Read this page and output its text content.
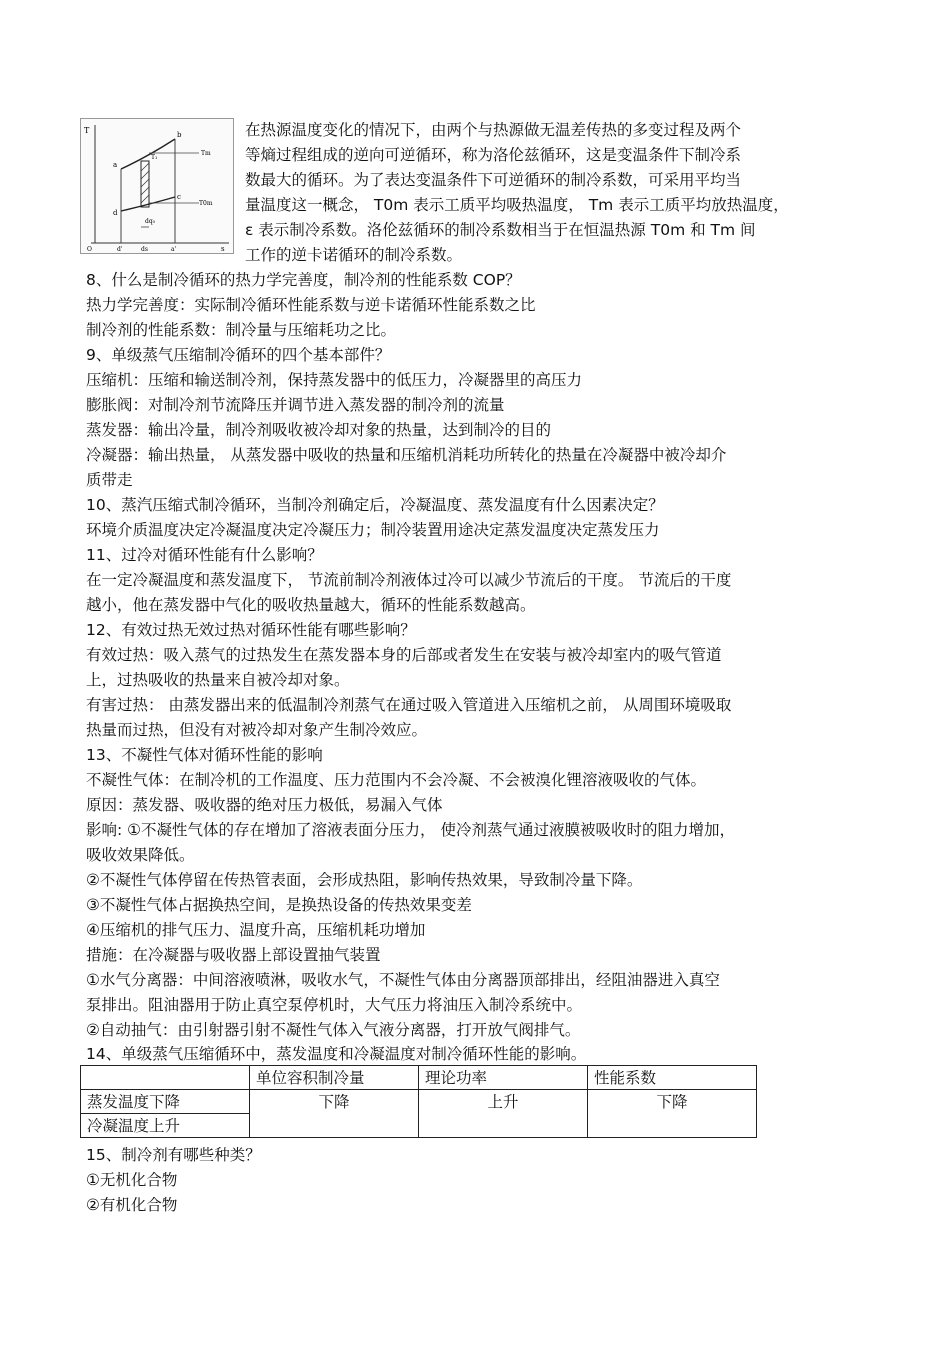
T
a
b
c
d
T₁
Tm
T0m
dq₀
d'	ds	a'
O	s
在热源温度变化的情况下，由两个与热源做无温差传热的多变过程及两个
等熵过程组成的逆向可逆循环，称为洛伦兹循环，这是变温条件下制冷系
数最大的循环。为了表达变温条件下可逆循环的制冷系数，可采用平均当
量温度这一概念， T0m 表示工质平均吸热温度， Tm 表示工质平均放热温度，
ε 表示制冷系数。洛伦兹循环的制冷系数相当于在恒温热源 T0m 和 Tm 间
工作的逆卡诺循环的制冷系数。
8、什么是制冷循环的热力学完善度，制冷剂的性能系数 COP？
热力学完善度：实际制冷循环性能系数与逆卡诺循环性能系数之比
制冷剂的性能系数：制冷量与压缩耗功之比。
9、单级蒸气压缩制冷循环的四个基本部件？
压缩机：压缩和输送制冷剂，保持蒸发器中的低压力，冷凝器里的高压力
膨胀阀：对制冷剂节流降压并调节进入蒸发器的制冷剂的流量
蒸发器：输出冷量，制冷剂吸收被冷却对象的热量，达到制冷的目的
冷凝器：输出热量， 从蒸发器中吸收的热量和压缩机消耗功所转化的热量在冷凝器中被冷却介
质带走
10、蒸汽压缩式制冷循环，当制冷剂确定后，冷凝温度、蒸发温度有什么因素决定？
环境介质温度决定冷凝温度决定冷凝压力；制冷装置用途决定蒸发温度决定蒸发压力
11、过冷对循环性能有什么影响？
在一定冷凝温度和蒸发温度下， 节流前制冷剂液体过冷可以减少节流后的干度。 节流后的干度
越小，他在蒸发器中气化的吸收热量越大，循环的性能系数越高。
12、有效过热无效过热对循环性能有哪些影响？
有效过热：吸入蒸气的过热发生在蒸发器本身的后部或者发生在安装与被冷却室内的吸气管道
上，过热吸收的热量来自被冷却对象。
有害过热： 由蒸发器出来的低温制冷剂蒸气在通过吸入管道进入压缩机之前， 从周围环境吸取
热量而过热，但没有对被冷却对象产生制冷效应。
13、不凝性气体对循环性能的影响
不凝性气体：在制冷机的工作温度、压力范围内不会冷凝、不会被溴化锂溶液吸收的气体。
原因：蒸发器、吸收器的绝对压力极低，易漏入气体
影响: ①不凝性气体的存在增加了溶液表面分压力， 使冷剂蒸气通过液膜被吸收时的阻力增加，
吸收效果降低。
②不凝性气体停留在传热管表面，会形成热阻，影响传热效果，导致制冷量下降。
③不凝性气体占据换热空间，是换热设备的传热效果变差
④压缩机的排气压力、温度升高，压缩机耗功增加
措施：在冷凝器与吸收器上部设置抽气装置
①水气分离器：中间溶液喷淋，吸收水气，不凝性气体由分离器顶部排出，经阻油器进入真空
泵排出。阻油器用于防止真空泵停机时，大气压力将油压入制冷系统中。
②自动抽气：由引射器引射不凝性气体入气液分离器，打开放气阀排气。
14、单级蒸气压缩循环中，蒸发温度和冷凝温度对制冷循环性能的影响。
	单位容积制冷量	理论功率	性能系数
蒸发温度下降	下降	上升	下降
冷凝温度上升			
15、制冷剂有哪些种类？
①无机化合物
②有机化合物
